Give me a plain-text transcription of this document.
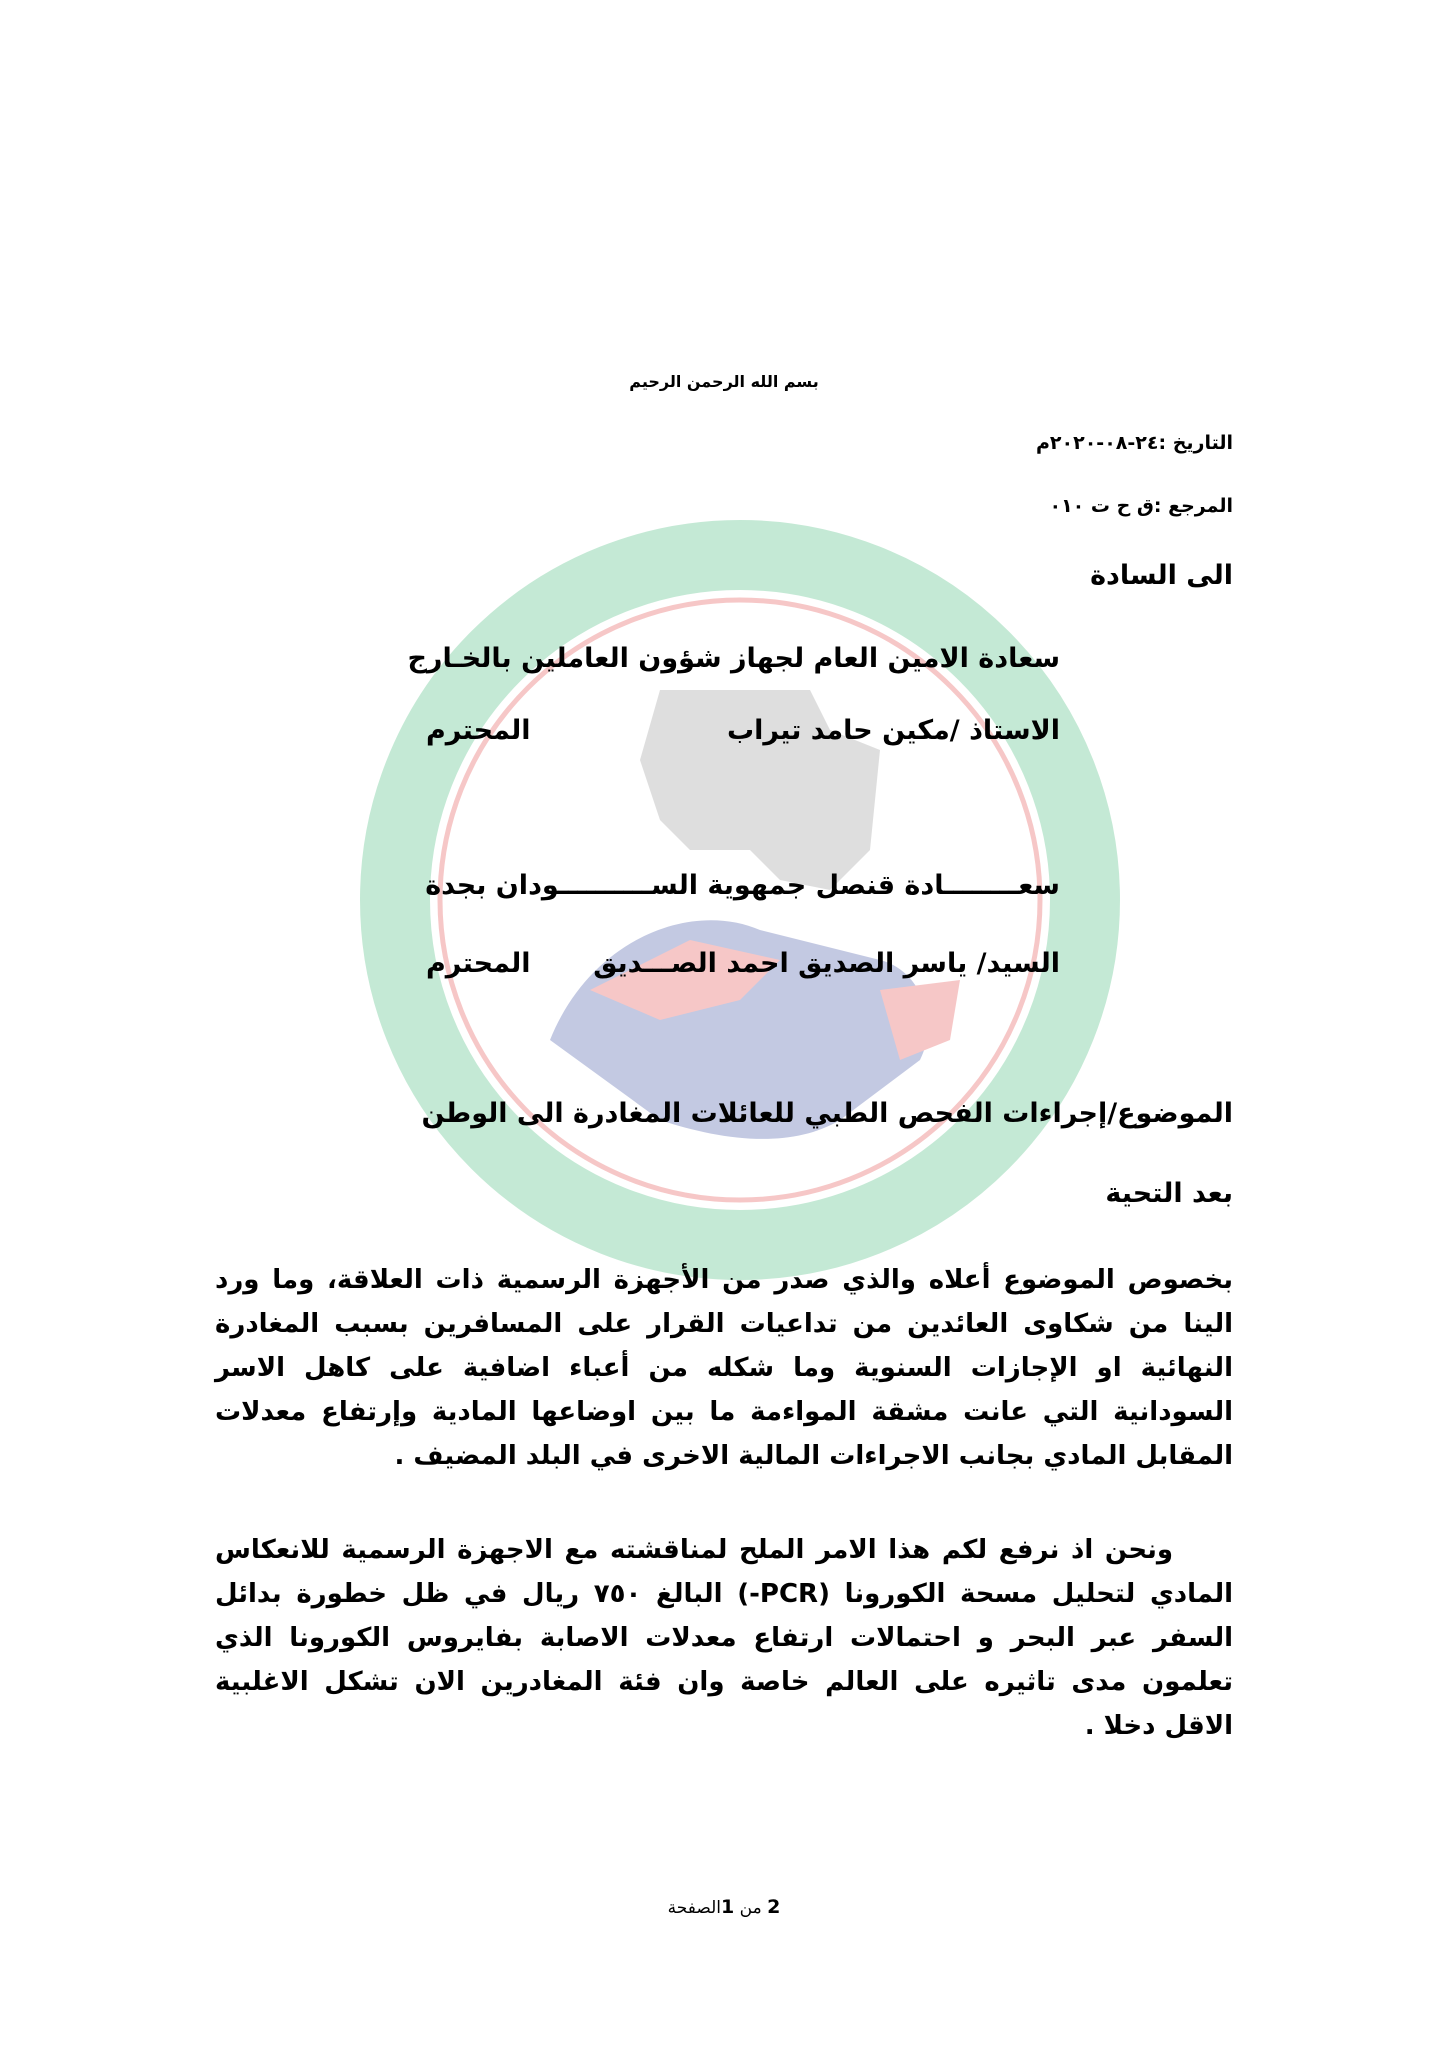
بسم الله الرحمن الرحيم
التاريخ :٢٤-٠٨-٢٠٢٠م
المرجع :ق ح ت ٠١٠
الى السادة
سعادة الامين العام لجهاز شؤون العاملين بالخـارج
الاستاذ /مكين حامد تيراب
المحترم
سعــــــــادة قنصل جمهوية الســــــــــودان بجدة
السيد/ ياسر الصديق احمد الصـــديق
المحترم
الموضوع/إجراءات الفحص الطبي للعائلات المغادرة الى الوطن
بعد التحية
بخصوص الموضوع أعلاه والذي صدر من الأجهزة الرسمية ذات العلاقة، وما ورد الينا من شكاوى العائدين من تداعيات القرار على المسافرين بسبب المغادرة النهائية او الإجازات السنوية وما شكله من أعباء اضافية على كاهل الاسر السودانية التي عانت مشقة المواءمة ما بين اوضاعها المادية وإرتفاع معدلات المقابل المادي بجانب الاجراءات المالية الاخرى في البلد المضيف .
ونحن اذ نرفع لكم هذا الامر الملح لمناقشته مع الاجهزة الرسمية للانعكاس المادي لتحليل مسحة الكورونا (PCR-) البالغ ٧٥٠ ريال في ظل خطورة بدائل السفر عبر البحر و احتمالات ارتفاع معدلات الاصابة بفايروس الكورونا الذي تعلمون مدى تاثيره على العالم خاصة وان فئة المغادرين الان تشكل الاغلبية الاقل دخلا .
2 من 1الصفحة
